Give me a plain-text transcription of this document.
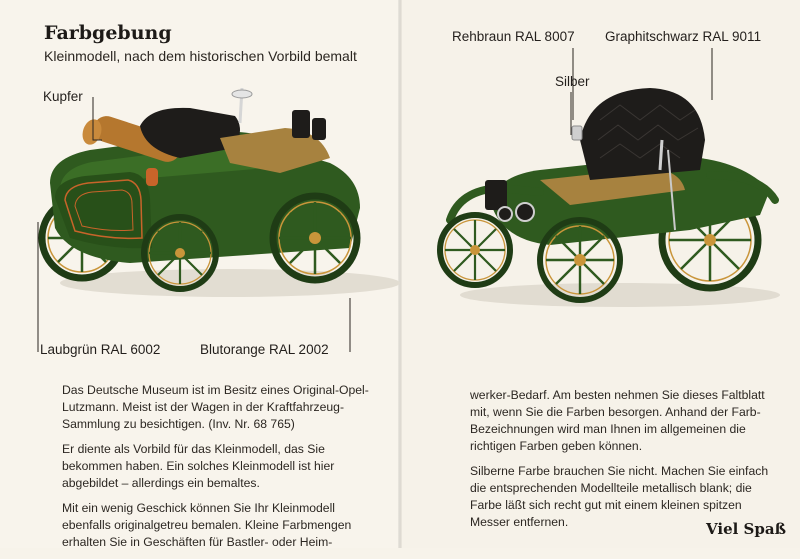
Farbgebung

Kleinmodell, nach dem historischen Vorbild bemalt

Kupfer
Laubgrün RAL 6002	Blutorange RAL 2002
Rehbraun RAL 8007 Graphitschwarz RAL 9011
Silber

Das Deutsche Museum ist im Besitz eines Original-Opel-Lutzmann. Meist ist der Wagen in der Kraftfahrzeug-Sammlung zu besichtigen. (Inv. Nr. 68 765)

Er diente als Vorbild für das Kleinmodell, das Sie bekommen haben. Ein solches Kleinmodell ist hier abgebildet – allerdings ein bemaltes.

Mit ein wenig Geschick können Sie Ihr Kleinmodell ebenfalls originalgetreu bemalen. Kleine Farbmengen erhalten Sie in Geschäften für Bastler- oder Heim-

werker-Bedarf. Am besten nehmen Sie dieses Faltblatt mit, wenn Sie die Farben besorgen. Anhand der Farb-Bezeichnungen wird man Ihnen im allgemeinen die richtigen Farben geben können.

Silberne Farbe brauchen Sie nicht. Machen Sie einfach die entsprechenden Modellteile metallisch blank; die Farbe läßt sich recht gut mit einem kleinen spitzen Messer entfernen.	Viel Spaß
